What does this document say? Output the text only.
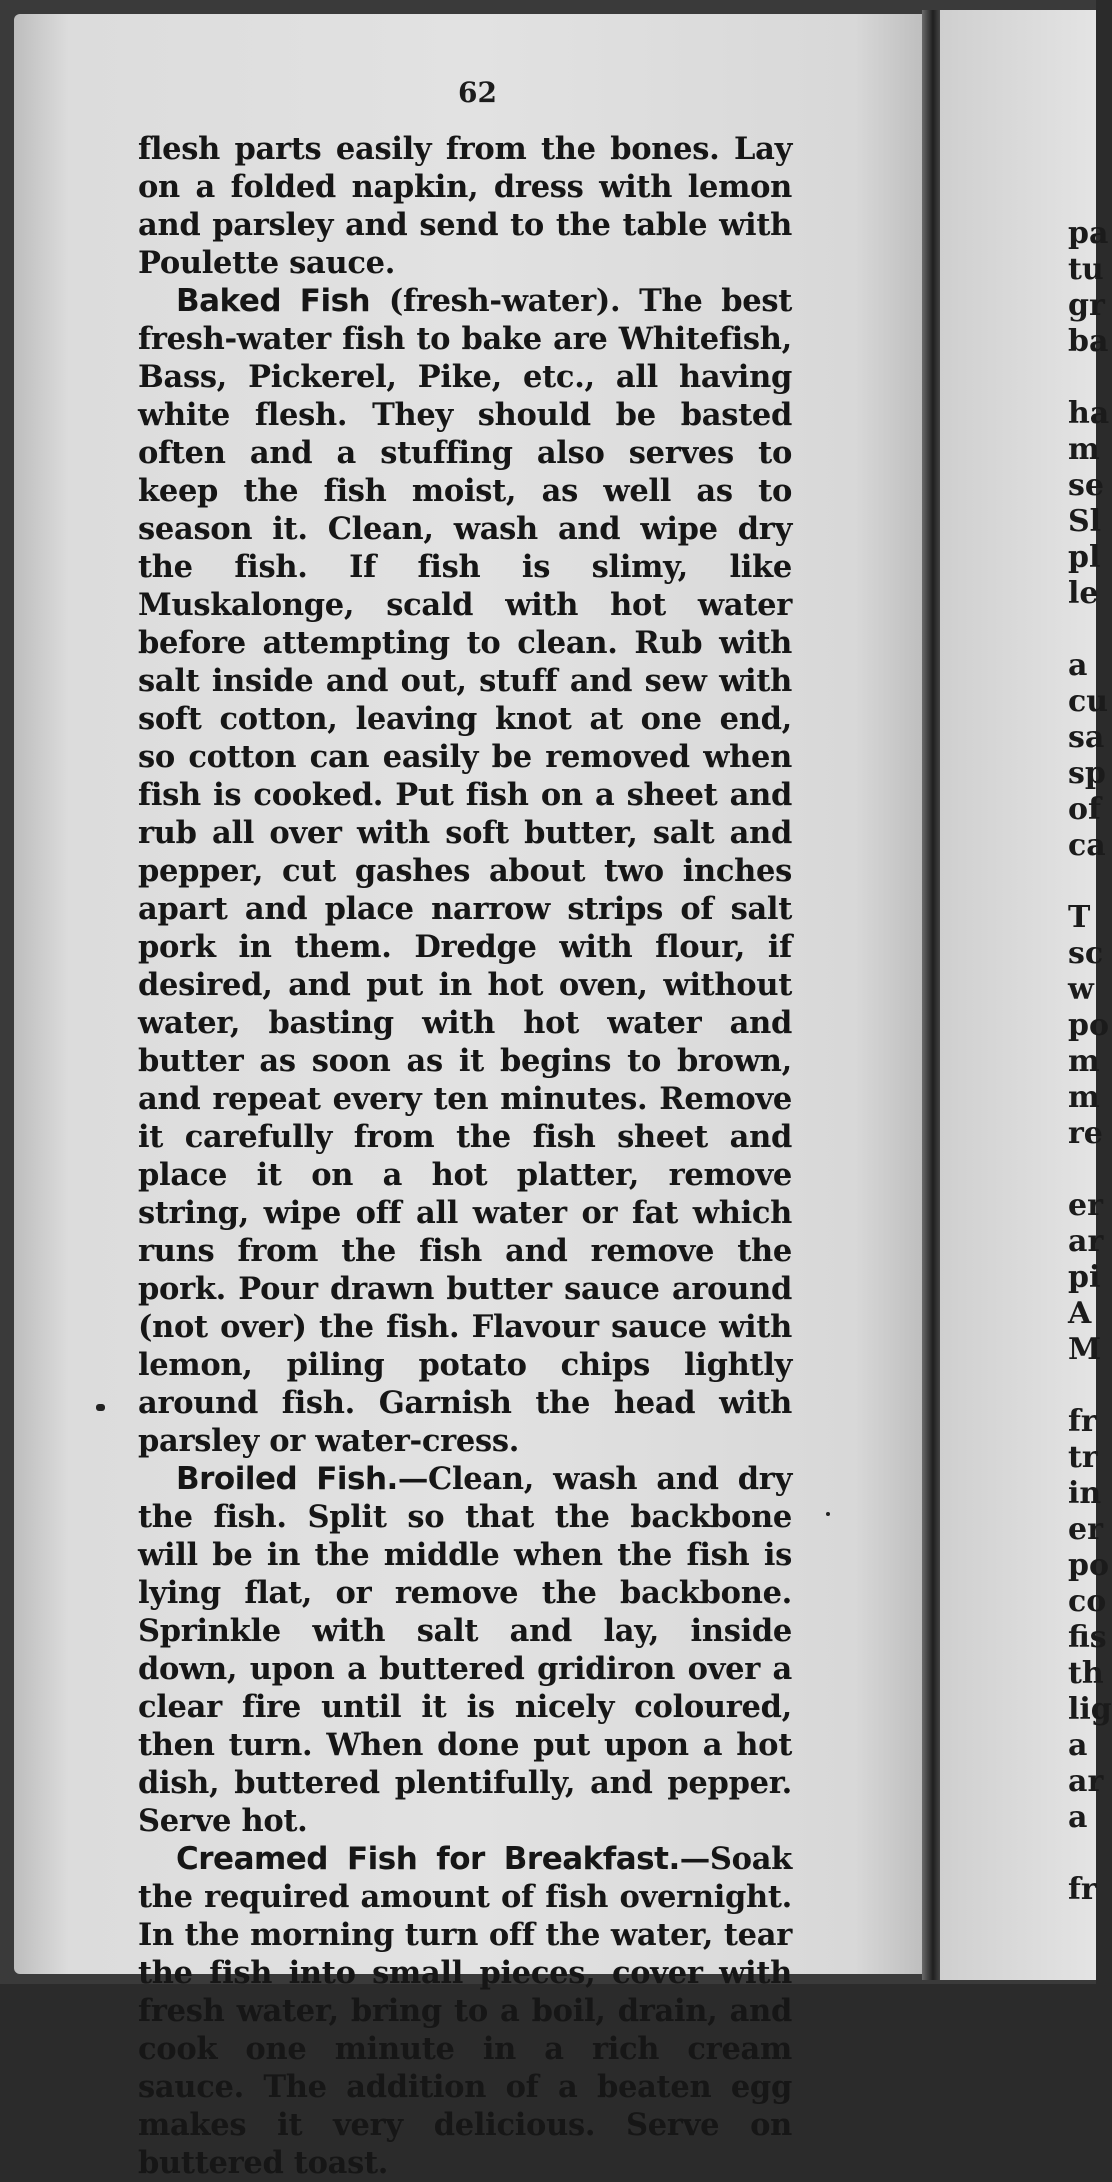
62

flesh parts easily from the bones. Lay on a folded napkin, dress with lemon and parsley and send to the table with Poulette sauce.

Baked Fish (fresh-water). The best fresh-water fish to bake are Whitefish, Bass, Pickerel, Pike, etc., all having white flesh. They should be basted often and a stuffing also serves to keep the fish moist, as well as to season it. Clean, wash and wipe dry the fish. If fish is slimy, like Muskalonge, scald with hot water before attempting to clean. Rub with salt inside and out, stuff and sew with soft cotton, leaving knot at one end, so cotton can easily be removed when fish is cooked. Put fish on a sheet and rub all over with soft butter, salt and pepper, cut gashes about two inches apart and place narrow strips of salt pork in them. Dredge with flour, if desired, and put in hot oven, without water, basting with hot water and butter as soon as it begins to brown, and repeat every ten minutes. Remove it carefully from the fish sheet and place it on a hot platter, remove string, wipe off all water or fat which runs from the fish and remove the pork. Pour drawn butter sauce around (not over) the fish. Flavour sauce with lemon, piling potato chips lightly around fish. Garnish the head with parsley or water-cress.

Broiled Fish.—Clean, wash and dry the fish. Split so that the backbone will be in the middle when the fish is lying flat, or remove the backbone. Sprinkle with salt and lay, inside down, upon a buttered gridiron over a clear fire until it is nicely coloured, then turn. When done put upon a hot dish, buttered plentifully, and pepper. Serve hot.

Creamed Fish for Breakfast.—Soak the required amount of fish overnight. In the morning turn off the water, tear the fish into small pieces, cover with fresh water, bring to a boil, drain, and cook one minute in a rich cream sauce. The addition of a beaten egg makes it very delicious. Serve on buttered toast.

pa
tu
gr
ba
ha
m
se
Sl
pl
le
a
cu
sa
sp
of
ca
T
sc
w
po
m
m
re
er
ar
pi
A
M
fr
tr
in
er
po
co
fis
th
lig
a
ar
a
fr
